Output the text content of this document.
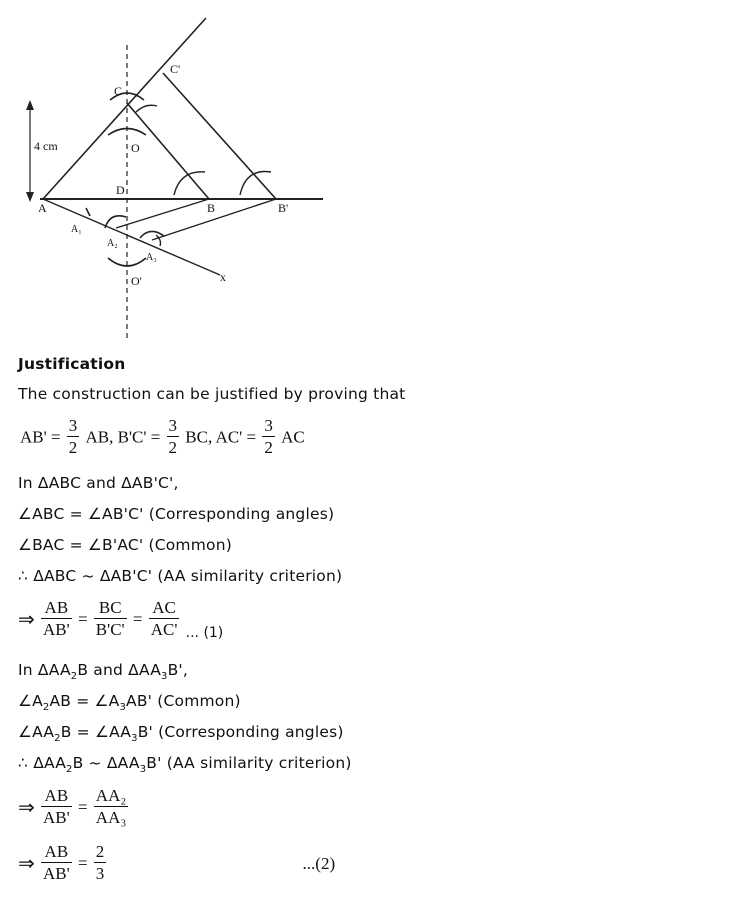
C'
C
O
4 cm
D
A	B	B'
A₁
A₂
A₃
O'	x
Justification
The construction can be justified by proving that
$AB' = \frac{3}{2}$ AB, $B'C' = \frac{3}{2}$ BC, $AC' = \frac{3}{2}$ AC
In ΔABC and ΔAB'C',
∠ABC = ∠AB'C' (Corresponding angles)
∠BAC = ∠B'AC' (Common)
∴ ΔABC ~ ΔAB'C' (AA similarity criterion)
⇒ $\frac{AB}{AB'} = \frac{BC}{B'C'} = \frac{AC}{AC'}$ ... (1)
In $\Delta AA_2B$ and $\Delta AA_3B'$,
$\angle A_2AB$ = $\angle A_3AB'$ (Common)
$\angle AA_2B$ = $\angle AA_3B'$ (Corresponding angles)
∴ $\Delta AA_2B$ ~ $\Delta AA_3B'$ (AA similarity criterion)
⇒ $\frac{AB}{AB'} = \frac{\text{AA₂}}{\text{AA₃}}$
⇒ $\frac{AB}{AB'} = \frac{2}{3}$	...(2)
